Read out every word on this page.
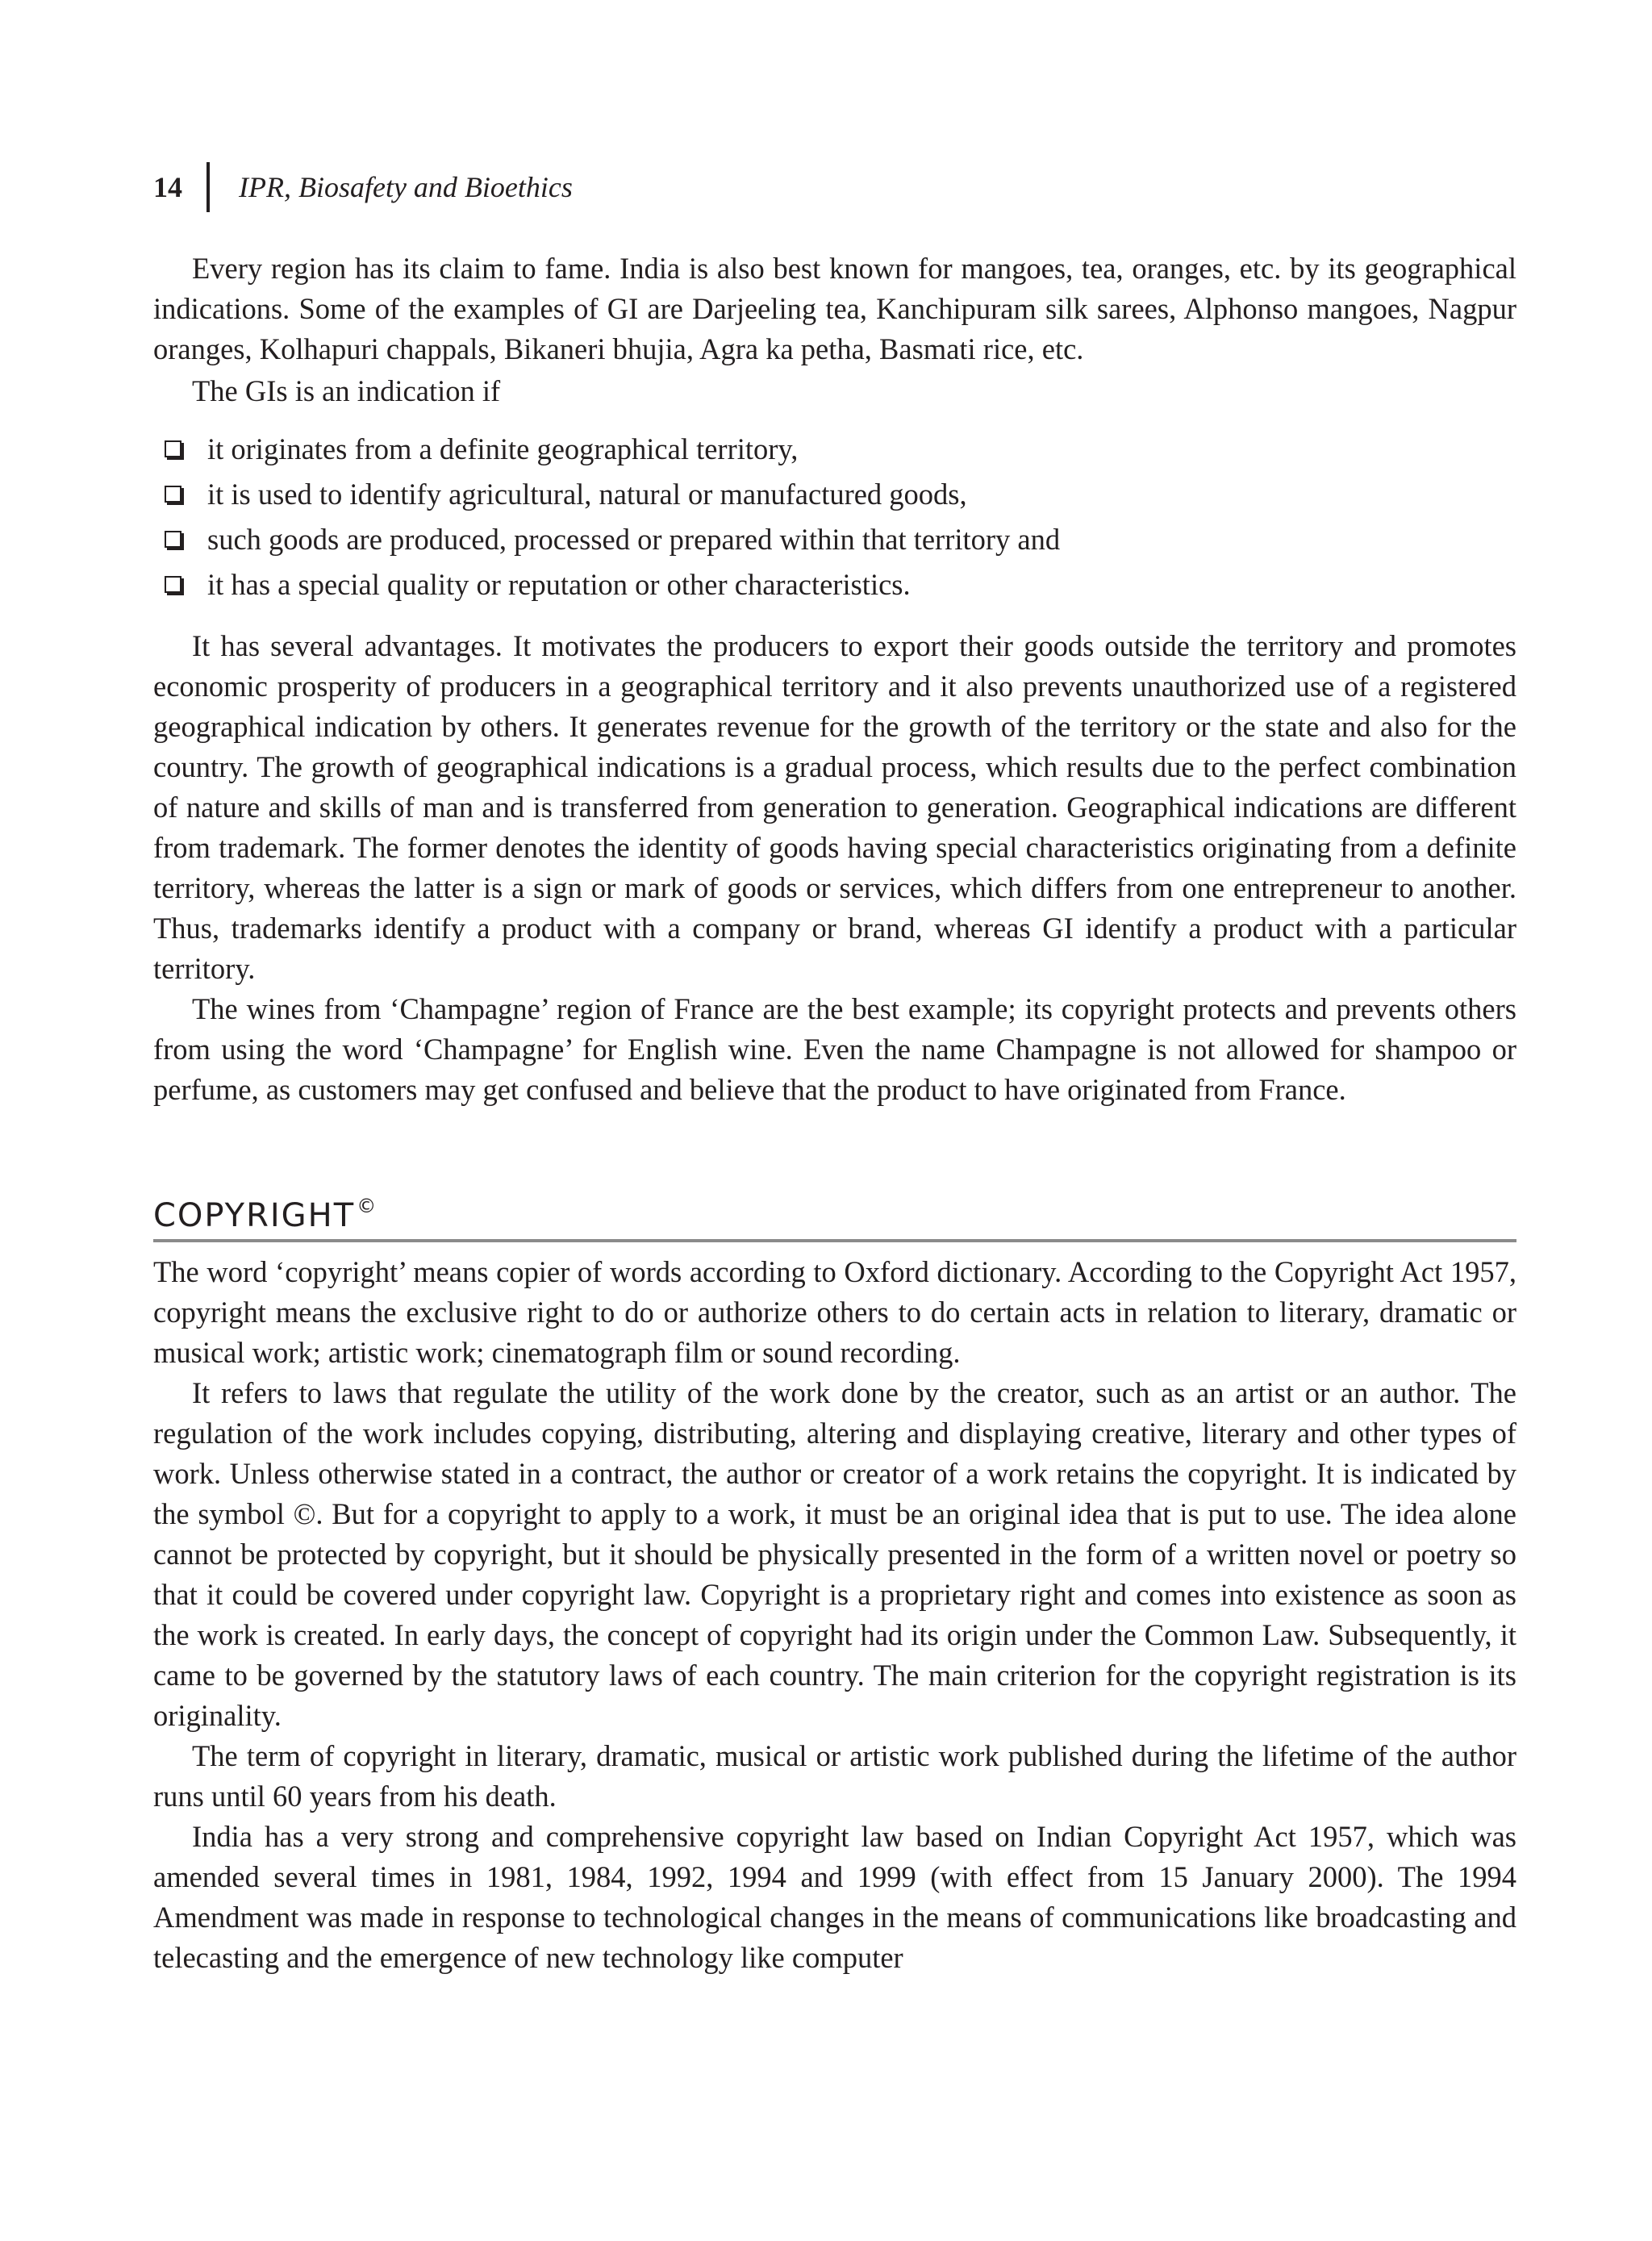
14 IPR, Biosafety and Bioethics

Every region has its claim to fame. India is also best known for mangoes, tea, oranges, etc. by its geographical indications. Some of the examples of GI are Darjeeling tea, Kanchipuram silk sarees, Alphonso mangoes, Nagpur oranges, Kolhapuri chappals, Bikaneri bhujia, Agra ka petha, Basmati rice, etc.

The GIs is an indication if

it originates from a definite geographical territory,
it is used to identify agricultural, natural or manufactured goods,
such goods are produced, processed or prepared within that territory and
it has a special quality or reputation or other characteristics.

It has several advantages. It motivates the producers to export their goods outside the territory and promotes economic prosperity of producers in a geographical territory and it also prevents unauthorized use of a registered geographical indication by others. It generates revenue for the growth of the territory or the state and also for the country. The growth of geographical indications is a gradual process, which results due to the perfect combination of nature and skills of man and is transferred from generation to generation. Geographical indications are different from trademark. The former denotes the identity of goods having special characteristics originating from a definite territory, whereas the latter is a sign or mark of goods or services, which differs from one entrepreneur to another. Thus, trademarks identify a product with a company or brand, whereas GI identify a product with a particular territory.

The wines from ‘Champagne’ region of France are the best example; its copyright protects and prevents others from using the word ‘Champagne’ for English wine. Even the name Champagne is not allowed for shampoo or perfume, as customers may get confused and believe that the product to have originated from France.

COPYRIGHT ©

The word ‘copyright’ means copier of words according to Oxford dictionary. According to the Copyright Act 1957, copyright means the exclusive right to do or authorize others to do certain acts in relation to literary, dramatic or musical work; artistic work; cinematograph film or sound recording.

It refers to laws that regulate the utility of the work done by the creator, such as an artist or an author. The regulation of the work includes copying, distributing, altering and displaying creative, literary and other types of work. Unless otherwise stated in a contract, the author or creator of a work retains the copyright. It is indicated by the symbol ©. But for a copyright to apply to a work, it must be an original idea that is put to use. The idea alone cannot be protected by copyright, but it should be physically presented in the form of a written novel or poetry so that it could be covered under copyright law. Copyright is a proprietary right and comes into existence as soon as the work is created. In early days, the concept of copyright had its origin under the Common Law. Subsequently, it came to be governed by the statutory laws of each country. The main criterion for the copyright registration is its originality.

The term of copyright in literary, dramatic, musical or artistic work published during the lifetime of the author runs until 60 years from his death.

India has a very strong and comprehensive copyright law based on Indian Copyright Act 1957, which was amended several times in 1981, 1984, 1992, 1994 and 1999 (with effect from 15 January 2000). The 1994 Amendment was made in response to technological changes in the means of communications like broadcasting and telecasting and the emergence of new technology like computer
